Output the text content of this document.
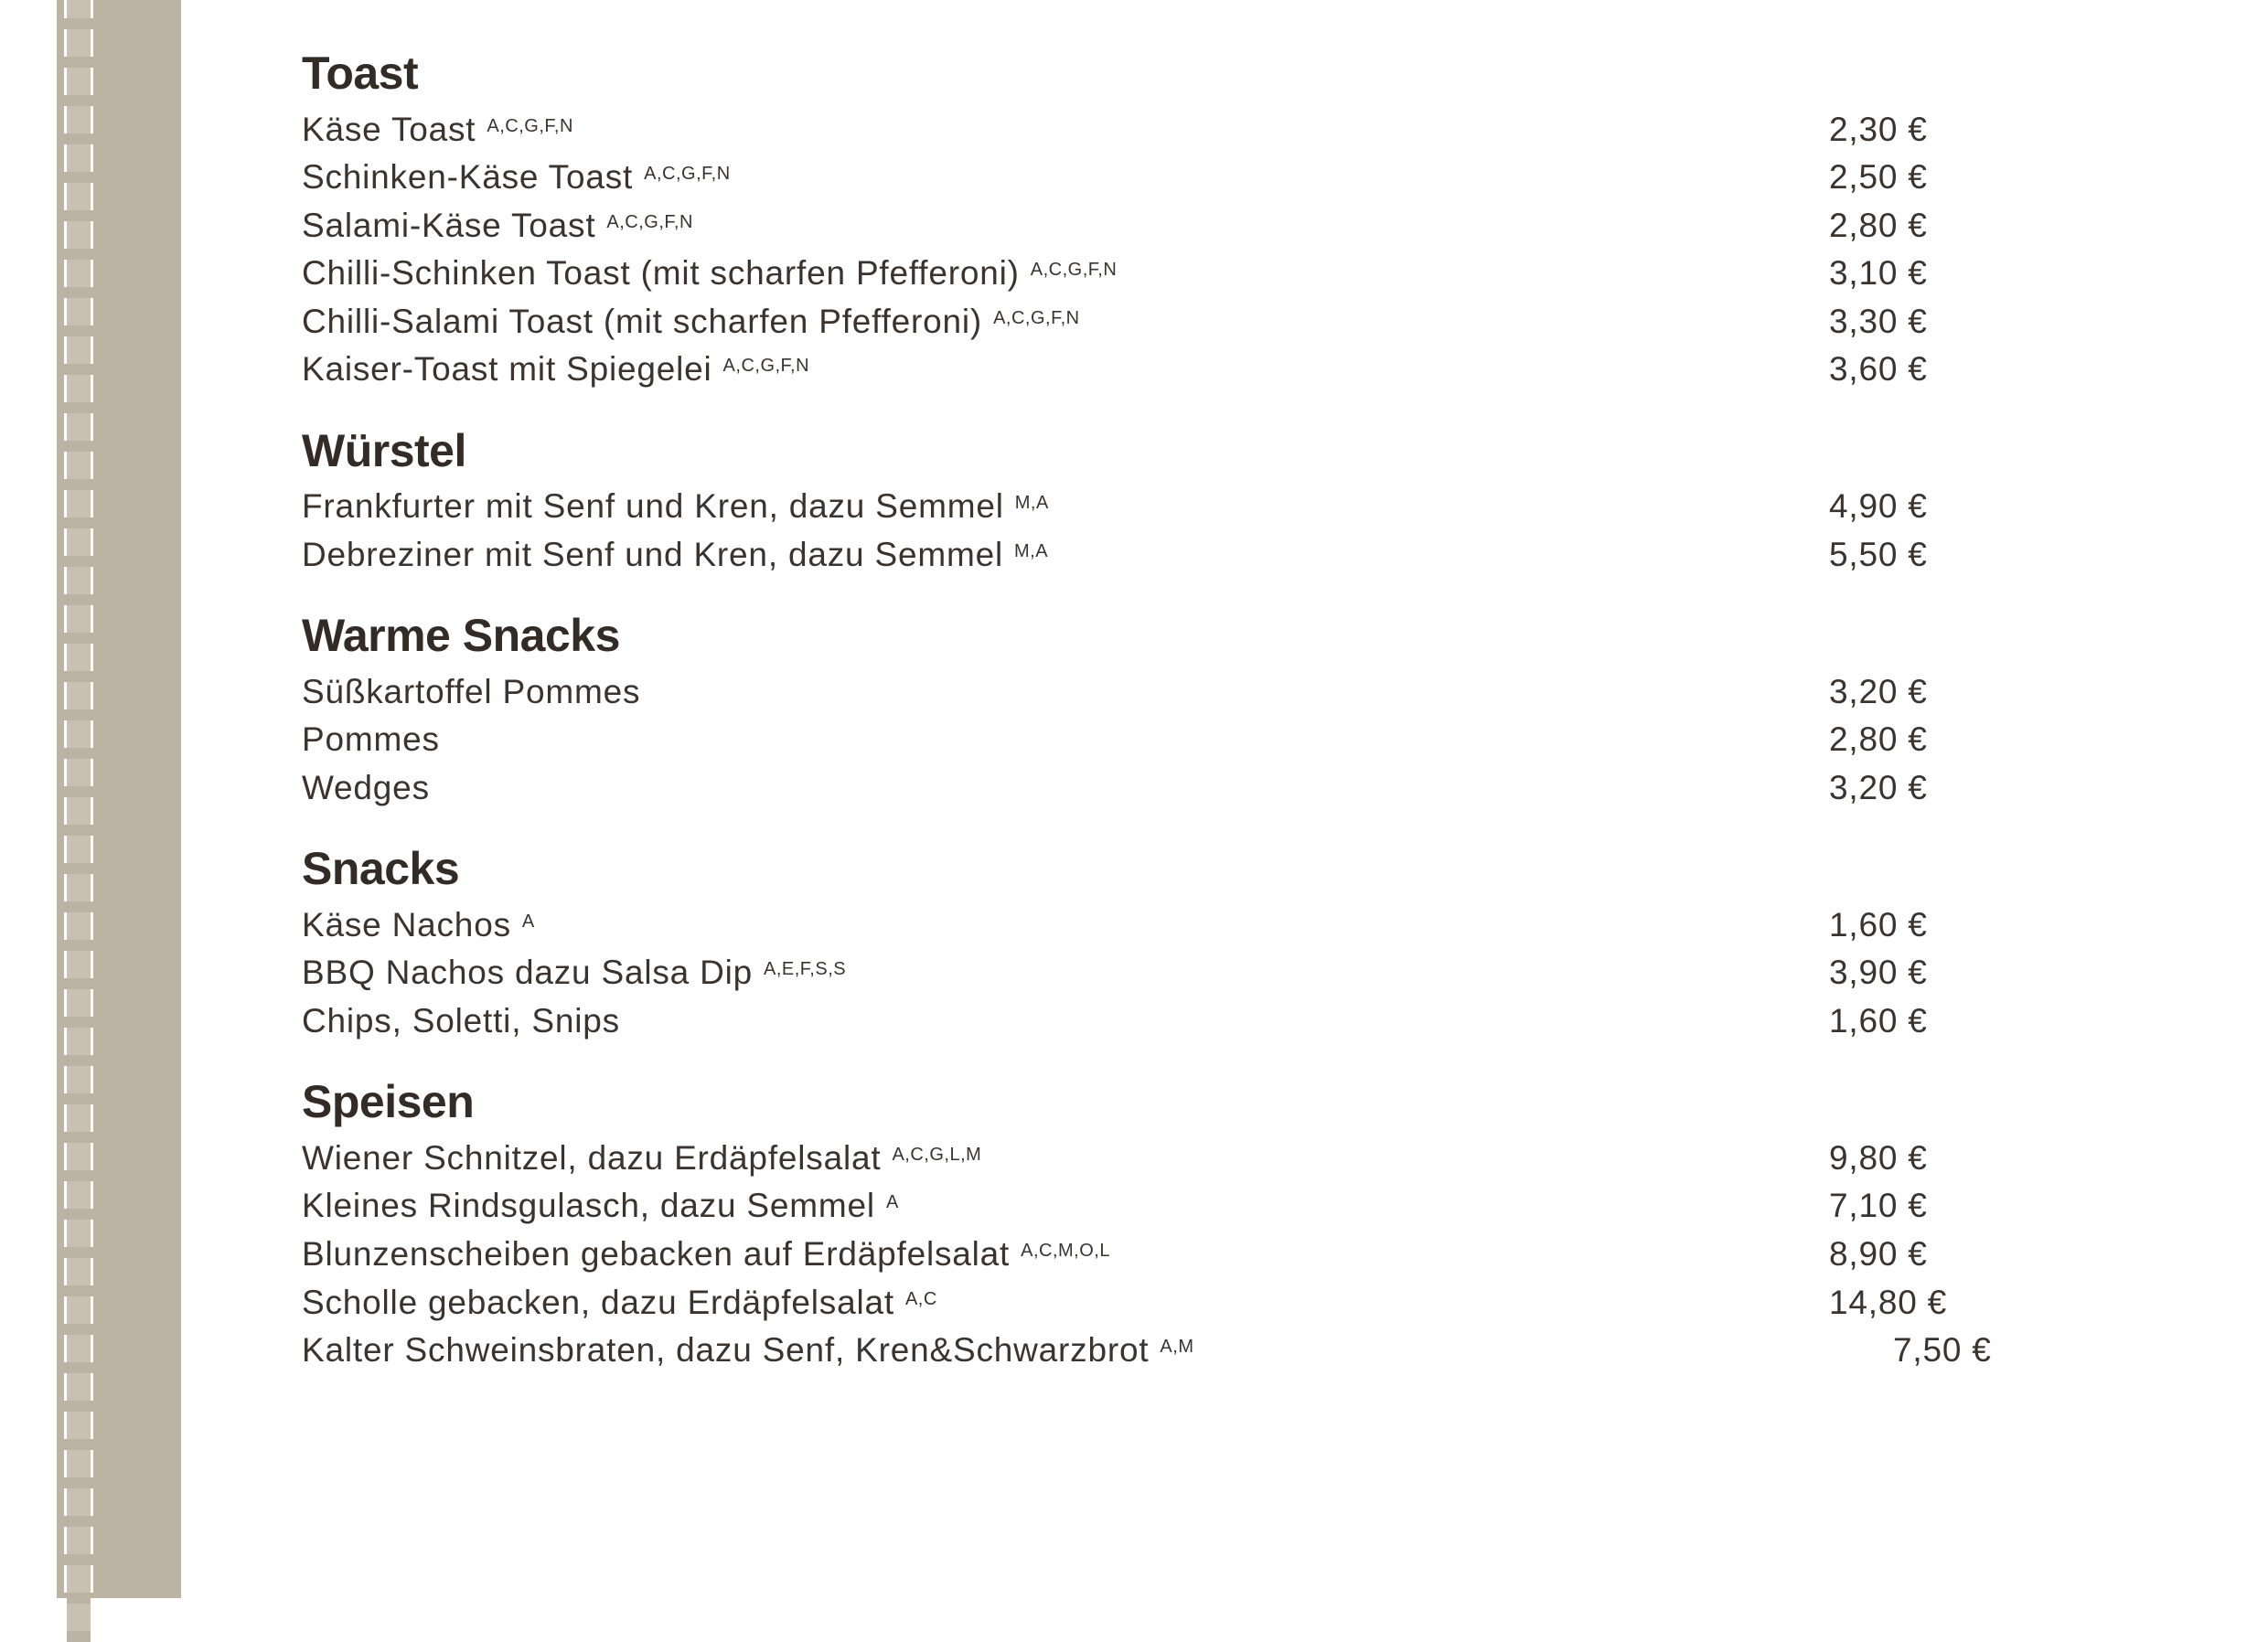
Toast
Käse Toast A,C,G,F,N	2,30 €
Schinken-Käse Toast A,C,G,F,N	2,50 €
Salami-Käse Toast A,C,G,F,N	2,80 €
Chilli-Schinken Toast (mit scharfen Pfefferoni) A,C,G,F,N	3,10 €
Chilli-Salami Toast (mit scharfen Pfefferoni) A,C,G,F,N	3,30 €
Kaiser-Toast mit Spiegelei A,C,G,F,N	3,60 €
Würstel
Frankfurter mit Senf und Kren, dazu Semmel M,A	4,90 €
Debreziner mit Senf und Kren, dazu Semmel M,A	5,50 €
Warme Snacks
Süßkartoffel Pommes	3,20 €
Pommes	2,80 €
Wedges	3,20 €
Snacks
Käse Nachos A	1,60 €
BBQ Nachos dazu Salsa Dip A,E,F,S,S	3,90 €
Chips, Soletti, Snips	1,60 €
Speisen
Wiener Schnitzel, dazu Erdäpfelsalat A,C,G,L,M	9,80 €
Kleines Rindsgulasch, dazu Semmel A	7,10 €
Blunzenscheiben gebacken auf Erdäpfelsalat A,C,M,O,L	8,90 €
Scholle gebacken, dazu Erdäpfelsalat A,C	14,80 €
Kalter Schweinsbraten, dazu Senf, Kren&Schwarzbrot A,M	7,50 €
